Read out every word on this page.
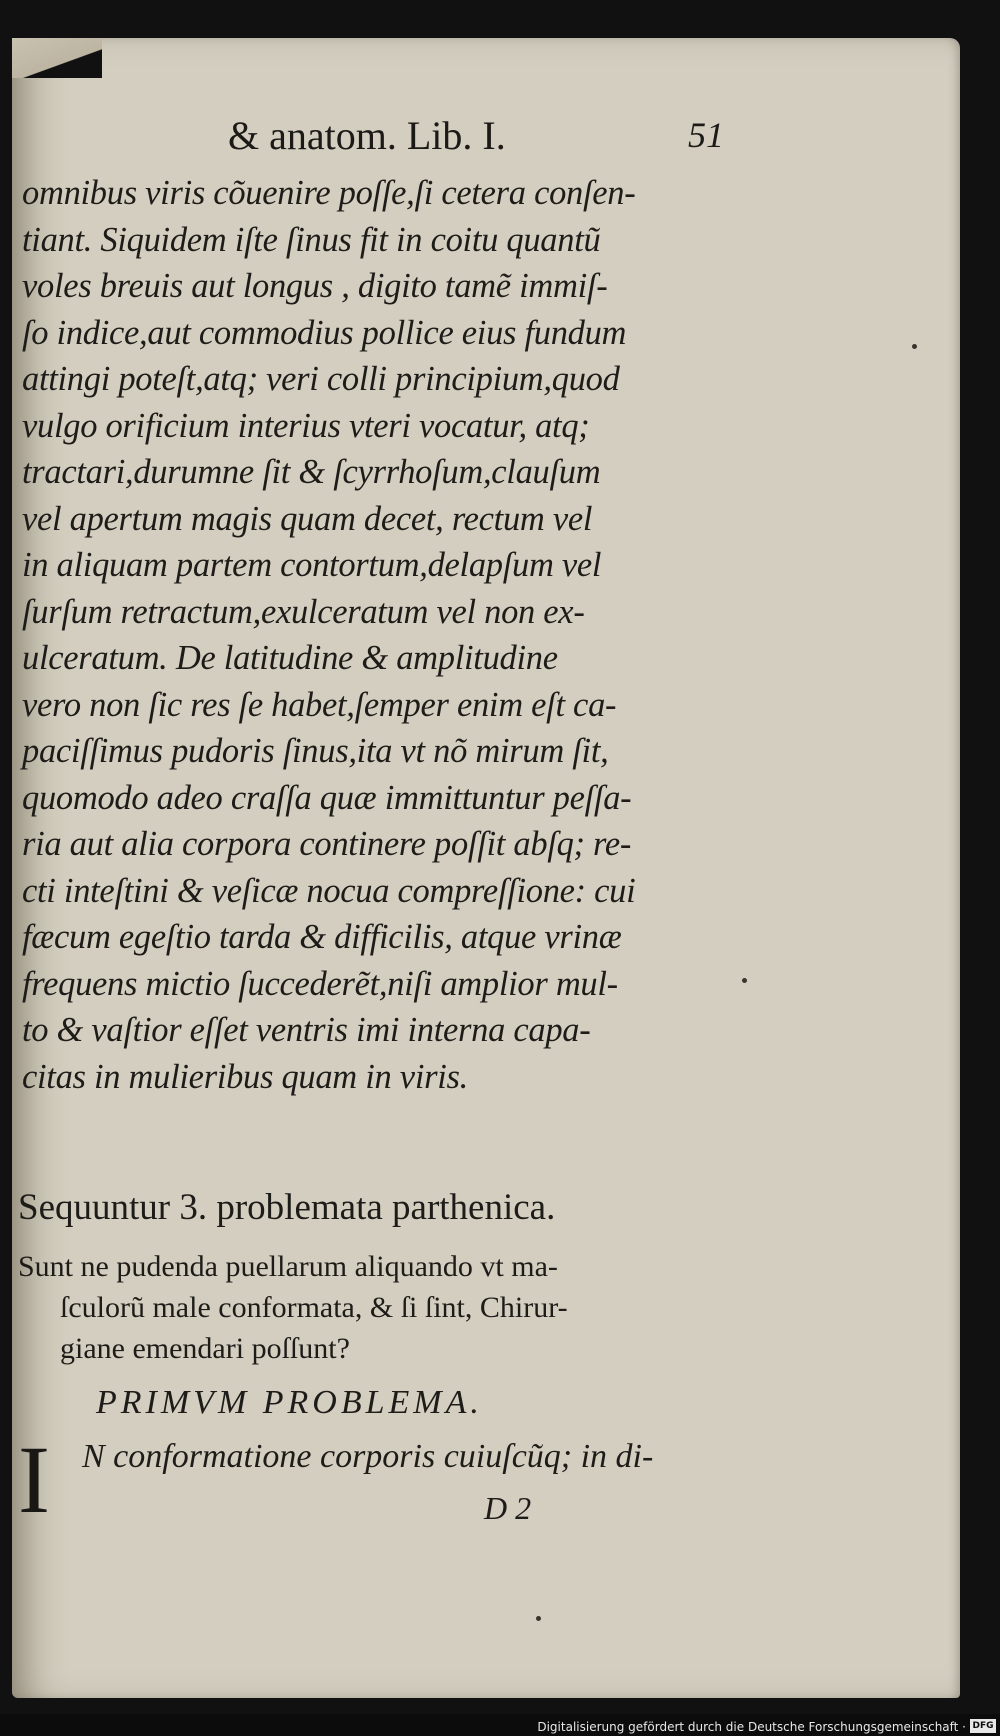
& anatom. Lib. I.	51
omnibus viris cõuenire poſſe,ſi cetera conſen-
tiant. Siquidem iſte ſinus fit in coitu quantũ
voles breuis aut longus , digito tamẽ immiſ-
ſo indice,aut commodius pollice eius fundum
attingi poteſt,atq; veri colli principium,quod
vulgo orificium interius vteri vocatur, atq;
tractari,durumne ſit & ſcyrrhoſum,clauſum
vel apertum magis quam decet, rectum vel
in aliquam partem contortum,delapſum vel
ſurſum retractum,exulceratum vel non ex-
ulceratum. De latitudine & amplitudine
vero non ſic res ſe habet,ſemper enim eſt ca-
paciſſimus pudoris ſinus,ita vt nõ mirum ſit,
quomodo adeo craſſa quæ immittuntur peſſa-
ria aut alia corpora continere poſſit abſq; re-
cti inteſtini & veſicæ nocua compreſſione: cui
fæcum egeſtio tarda & difficilis, atque vrinæ
frequens mictio ſuccederẽt,niſi amplior mul-
to & vaſtior eſſet ventris imi interna capa-
citas in mulieribus quam in viris.
Sequuntur 3. problemata parthenica.
Sunt ne pudenda puellarum aliquando vt ma-
ſculorũ male conformata, & ſi ſint, Chirur-
giane emendari poſſunt?
PRIMVM PROBLEMA.
I N conformatione corporis cuiuſcũq; in di-
D 2
Digitalisierung gefördert durch die Deutsche Forschungsgemeinschaft · DFG
